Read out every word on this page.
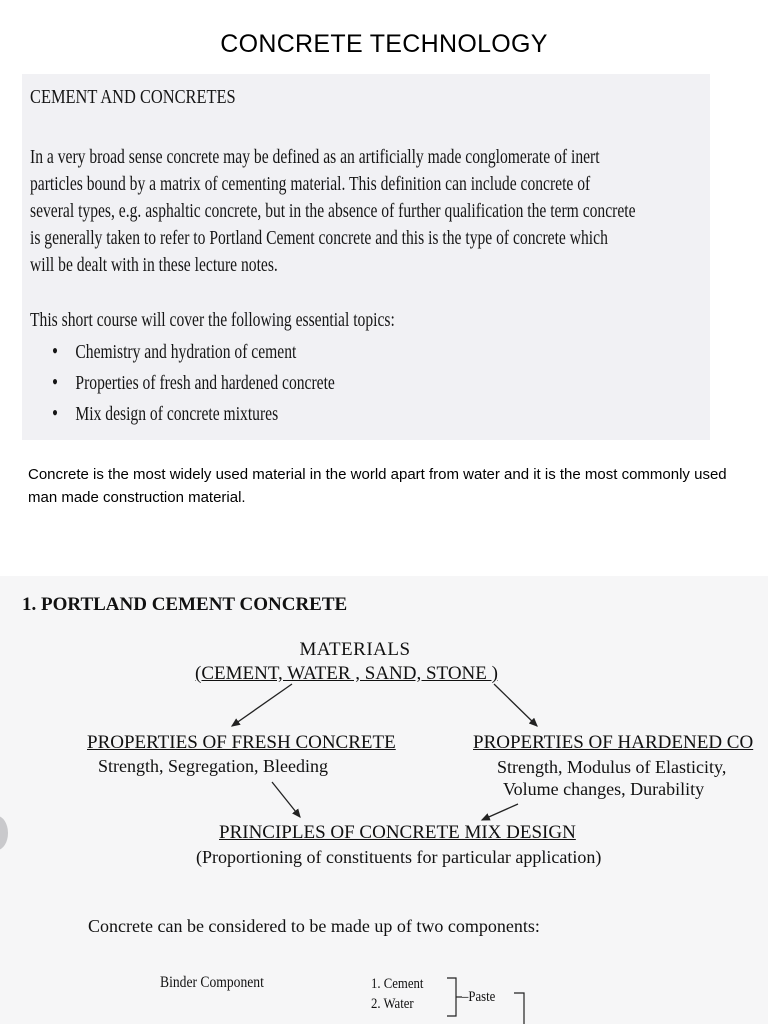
CONCRETE TECHNOLOGY

CEMENT AND CONCRETES
In a very broad sense concrete may be defined as an artificially made conglomerate of inert
particles bound by a matrix of cementing material. This definition can include concrete of
several types, e.g. asphaltic concrete, but in the absence of further qualification the term concrete
is generally taken to refer to Portland Cement concrete and this is the type of concrete which
will be dealt with in these lecture notes.
This short course will cover the following essential topics:
• Chemistry and hydration of cement
• Properties of fresh and hardened concrete
• Mix design of concrete mixtures
Concrete is the most widely used material in the world apart from water and it is the most commonly used man made construction material.
1. PORTLAND CEMENT CONCRETE
MATERIALS
(CEMENT, WATER , SAND, STONE )
PROPERTIES OF FRESH CONCRETE
Strength, Segregation, Bleeding
PROPERTIES OF HARDENED CO
Strength, Modulus of Elasticity,
Volume changes, Durability
PRINCIPLES OF CONCRETE MIX DESIGN
(Proportioning of constituents for particular application)
Concrete can be considered to be made up of two components:
Binder Component	1. Cement
2. Water	–Paste
